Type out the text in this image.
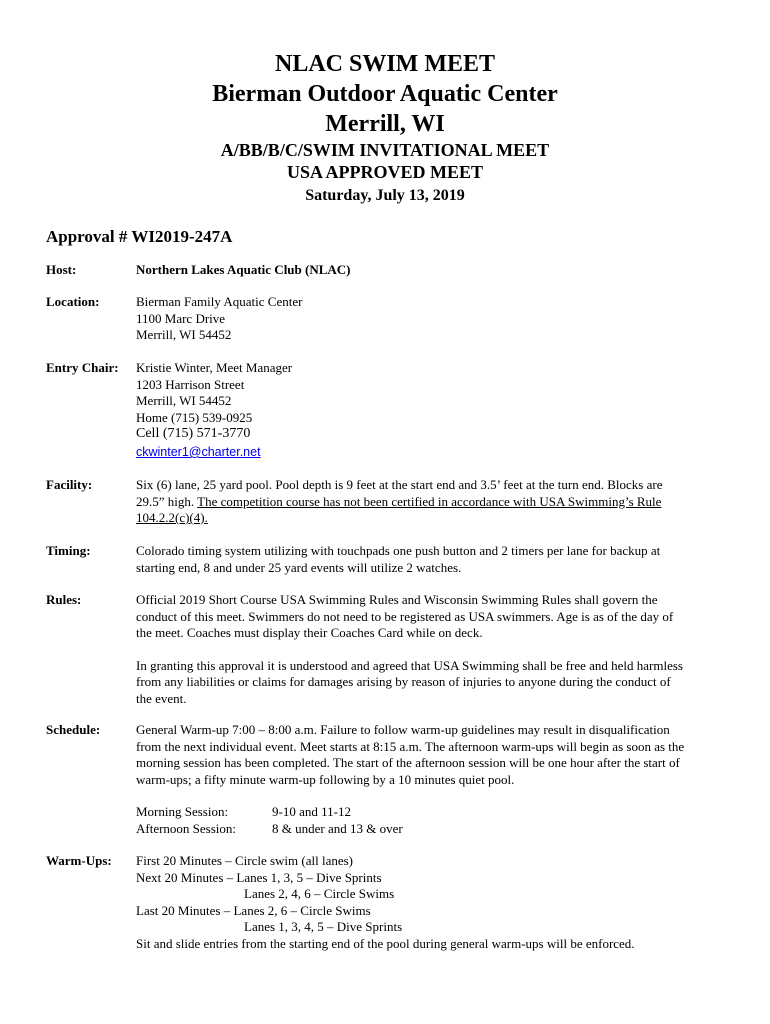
NLAC SWIM MEET
Bierman Outdoor Aquatic Center
Merrill, WI
A/BB/B/C/SWIM INVITATIONAL MEET
USA APPROVED MEET
Saturday, July 13, 2019
Approval # WI2019-247A
Host:	Northern Lakes Aquatic Club (NLAC)
Location:	Bierman Family Aquatic Center
1100 Marc Drive
Merrill, WI 54452
Entry Chair: Kristie Winter, Meet Manager
1203 Harrison Street
Merrill, WI 54452
Home (715) 539-0925
Cell (715) 571-3770
ckwinter1@charter.net
Facility:	Six (6) lane, 25 yard pool. Pool depth is 9 feet at the start end and 3.5’ feet at the turn end. Blocks are
29.5” high. The competition course has not been certified in accordance with USA Swimming’s Rule
104.2.2(c)(4).
Timing:	Colorado timing system utilizing with touchpads one push button and 2 timers per lane for backup at
starting end, 8 and under 25 yard events will utilize 2 watches.
Rules:	Official 2019 Short Course USA Swimming Rules and Wisconsin Swimming Rules shall govern the
conduct of this meet. Swimmers do not need to be registered as USA swimmers. Age is as of the day of
the meet. Coaches must display their Coaches Card while on deck.
In granting this approval it is understood and agreed that USA Swimming shall be free and held harmless
from any liabilities or claims for damages arising by reason of injuries to anyone during the conduct of
the event.
Schedule:	General Warm-up 7:00 – 8:00 a.m. Failure to follow warm-up guidelines may result in disqualification
from the next individual event. Meet starts at 8:15 a.m. The afternoon warm-ups will begin as soon as the
morning session has been completed. The start of the afternoon session will be one hour after the start of
warm-ups; a fifty minute warm-up following by a 10 minutes quiet pool.
Morning Session:	9-10 and 11-12
Afternoon Session:	8 & under and 13 & over
Warm-Ups: First 20 Minutes – Circle swim (all lanes)
Next 20 Minutes – Lanes 1, 3, 5 – Dive Sprints
Lanes 2, 4, 6 – Circle Swims
Last 20 Minutes – Lanes 2, 6 – Circle Swims
Lanes 1, 3, 4, 5 – Dive Sprints
Sit and slide entries from the starting end of the pool during general warm-ups will be enforced.
